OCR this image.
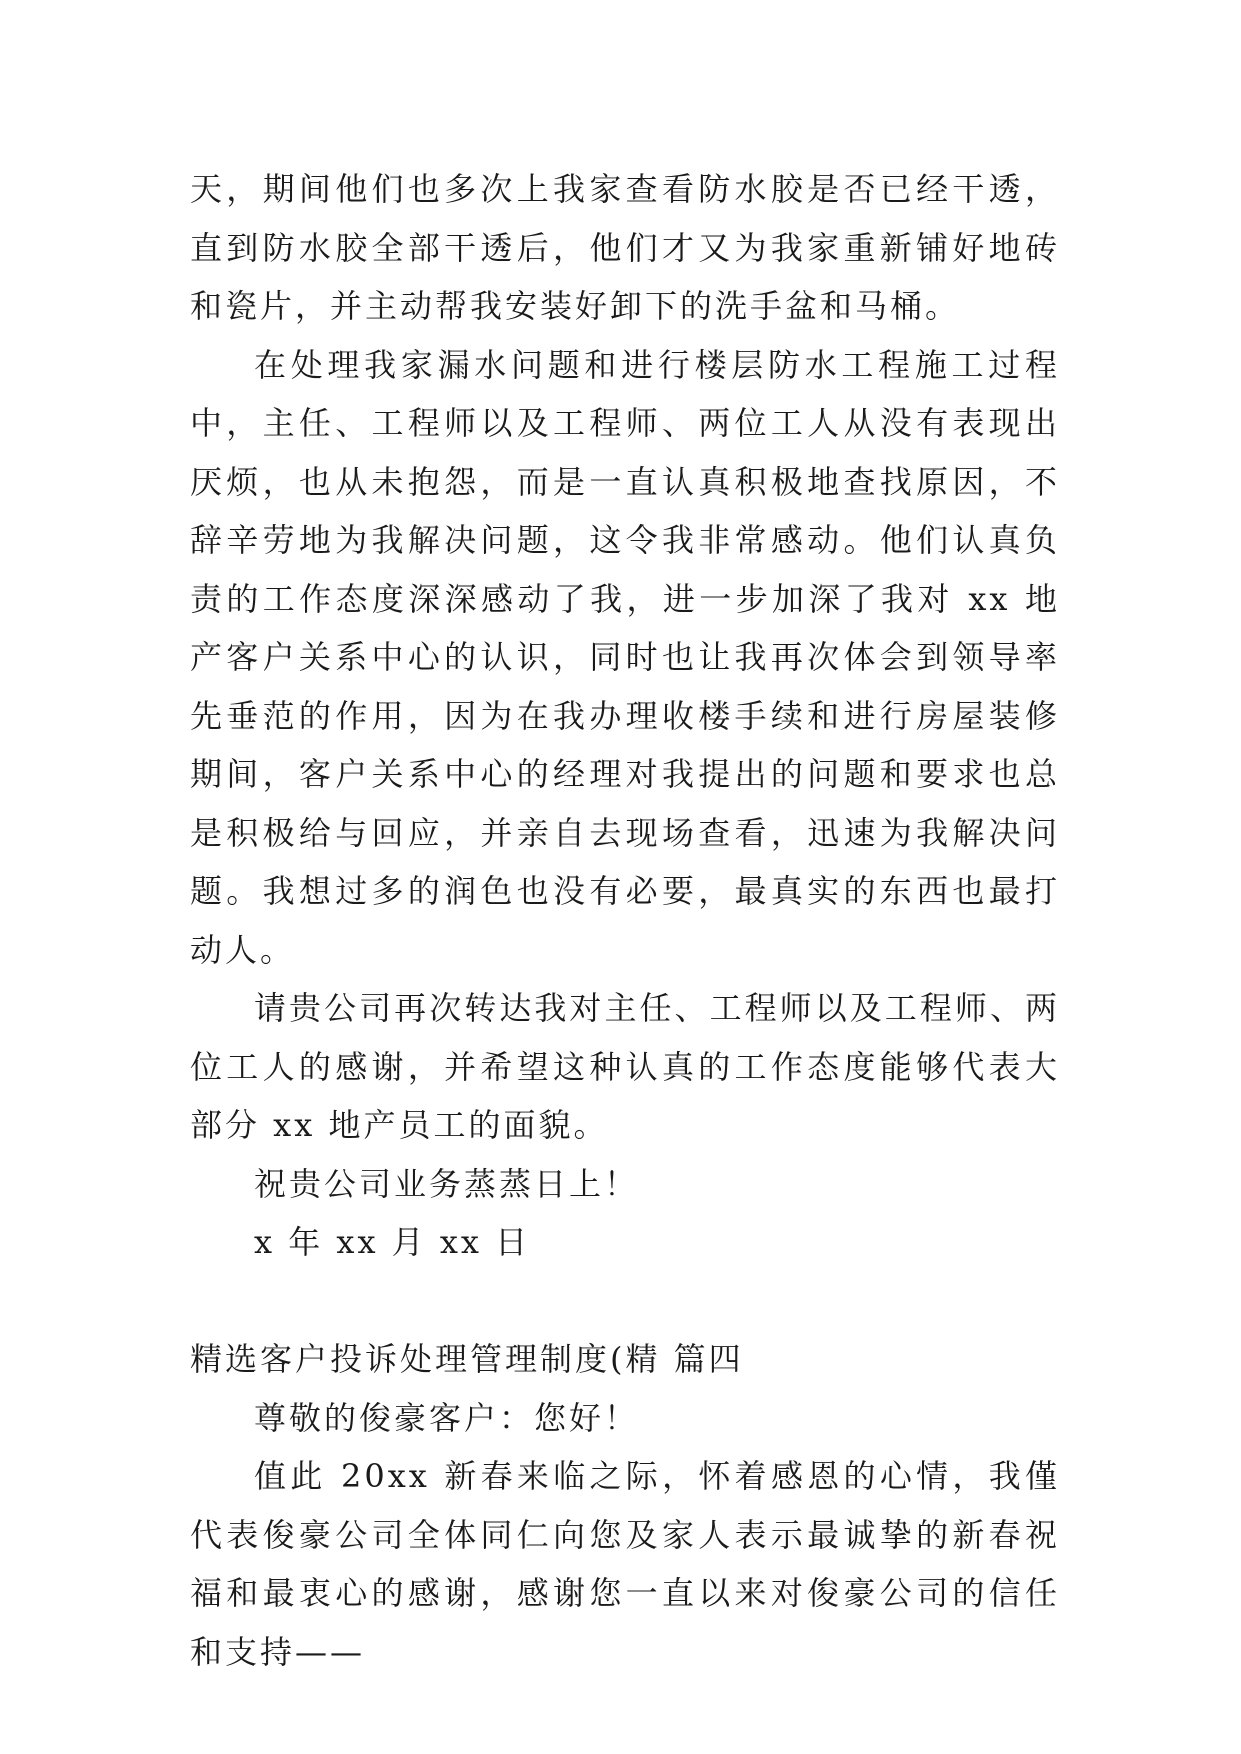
天，期间他们也多次上我家查看防水胶是否已经干透，直到防水胶全部干透后，他们才又为我家重新铺好地砖和瓷片，并主动帮我安装好卸下的洗手盆和马桶。

在处理我家漏水问题和进行楼层防水工程施工过程中，主任、工程师以及工程师、两位工人从没有表现出厌烦，也从未抱怨，而是一直认真积极地查找原因，不辞辛劳地为我解决问题，这令我非常感动。他们认真负责的工作态度深深感动了我，进一步加深了我对 xx 地产客户关系中心的认识，同时也让我再次体会到领导率先垂范的作用，因为在我办理收楼手续和进行房屋装修期间，客户关系中心的经理对我提出的问题和要求也总是积极给与回应，并亲自去现场查看，迅速为我解决问题。我想过多的润色也没有必要，最真实的东西也最打动人。

请贵公司再次转达我对主任、工程师以及工程师、两位工人的感谢，并希望这种认真的工作态度能够代表大部分 xx 地产员工的面貌。

祝贵公司业务蒸蒸日上！

x 年 xx 月 xx 日

精选客户投诉处理管理制度(精 篇四

尊敬的俊豪客户：您好！

值此 20xx 新春来临之际，怀着感恩的心情，我僅代表俊豪公司全体同仁向您及家人表示最诚挚的新春祝福和最衷心的感谢，感谢您一直以来对俊豪公司的信任和支持——
